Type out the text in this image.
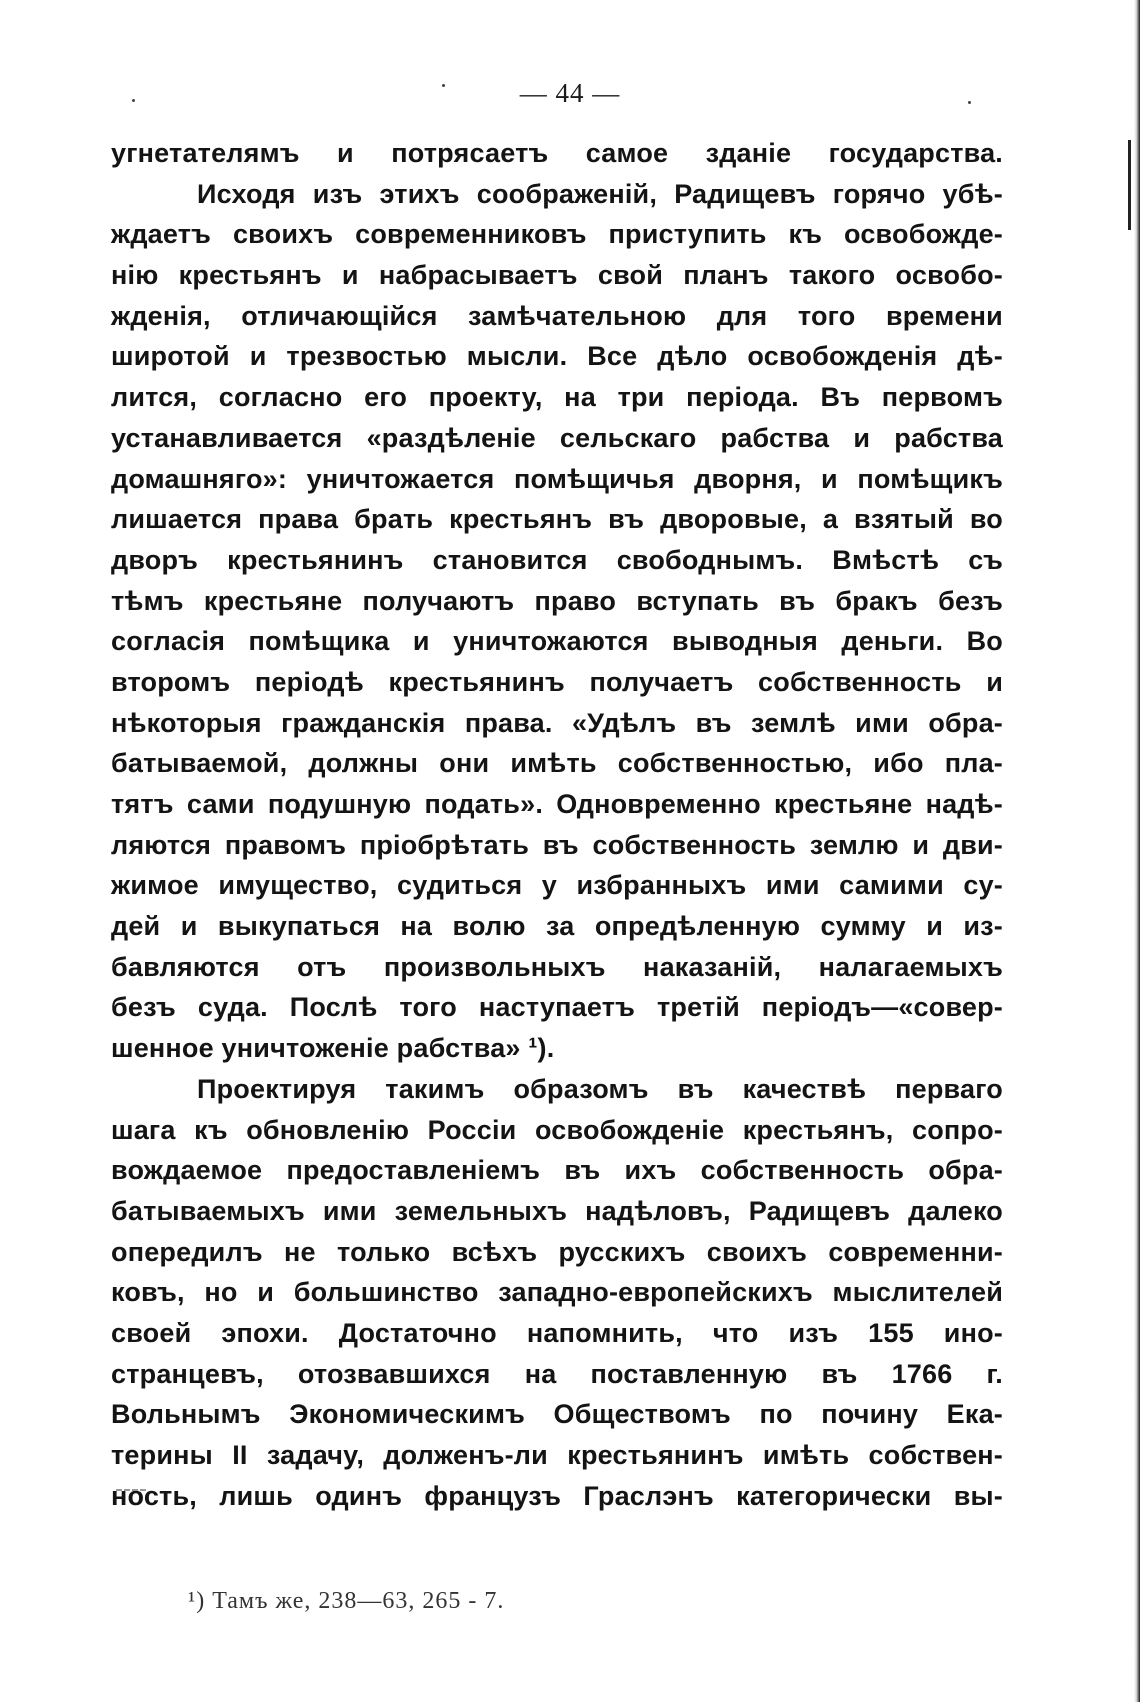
— 44 —
угнетателямъ и потрясаетъ самое зданіе государства.
Исходя изъ этихъ соображеній, Радищевъ горячо убѣ-
ждаетъ своихъ современниковъ приступить къ освобожде-
нію крестьянъ и набрасываетъ свой планъ такого освобо-
жденія, отличающійся замѣчательною для того времени
широтой и трезвостью мысли. Все дѣло освобожденія дѣ-
лится, согласно его проекту, на три періода. Въ первомъ
устанавливается «раздѣленіе сельскаго рабства и рабства
домашняго»: уничтожается помѣщичья дворня, и помѣщикъ
лишается права брать крестьянъ въ дворовые, а взятый во
дворъ крестьянинъ становится свободнымъ. Вмѣстѣ съ
тѣмъ крестьяне получаютъ право вступать въ бракъ безъ
согласія помѣщика и уничтожаются выводныя деньги. Во
второмъ періодѣ крестьянинъ получаетъ собственность и
нѣкоторыя гражданскія права. «Удѣлъ въ землѣ ими обра-
батываемой, должны они имѣть собственностью, ибо пла-
тятъ сами подушную подать». Одновременно крестьяне надѣ-
ляются правомъ пріобрѣтать въ собственность землю и дви-
жимое имущество, судиться у избранныхъ ими самими су-
дей и выкупаться на волю за опредѣленную сумму и из-
бавляются отъ произвольныхъ наказаній, налагаемыхъ
безъ суда. Послѣ того наступаетъ третій періодъ—«совер-
шенное уничтоженіе рабства» ¹).
Проектируя такимъ образомъ въ качествѣ перваго
шага къ обновленію Россіи освобожденіе крестьянъ, сопро-
вождаемое предоставленіемъ въ ихъ собственность обра-
батываемыхъ ими земельныхъ надѣловъ, Радищевъ далеко
опередилъ не только всѣхъ русскихъ своихъ современни-
ковъ, но и большинство западно-европейскихъ мыслителей
своей эпохи. Достаточно напомнить, что изъ 155 ино-
странцевъ, отозвавшихся на поставленную въ 1766 г.
Вольнымъ Экономическимъ Обществомъ по почину Ека-
терины II задачу, долженъ-ли крестьянинъ имѣть собствен-
ность, лишь одинъ французъ Граслэнъ категорически вы-
¹) Тамъ же, 238—63, 265 - 7.
